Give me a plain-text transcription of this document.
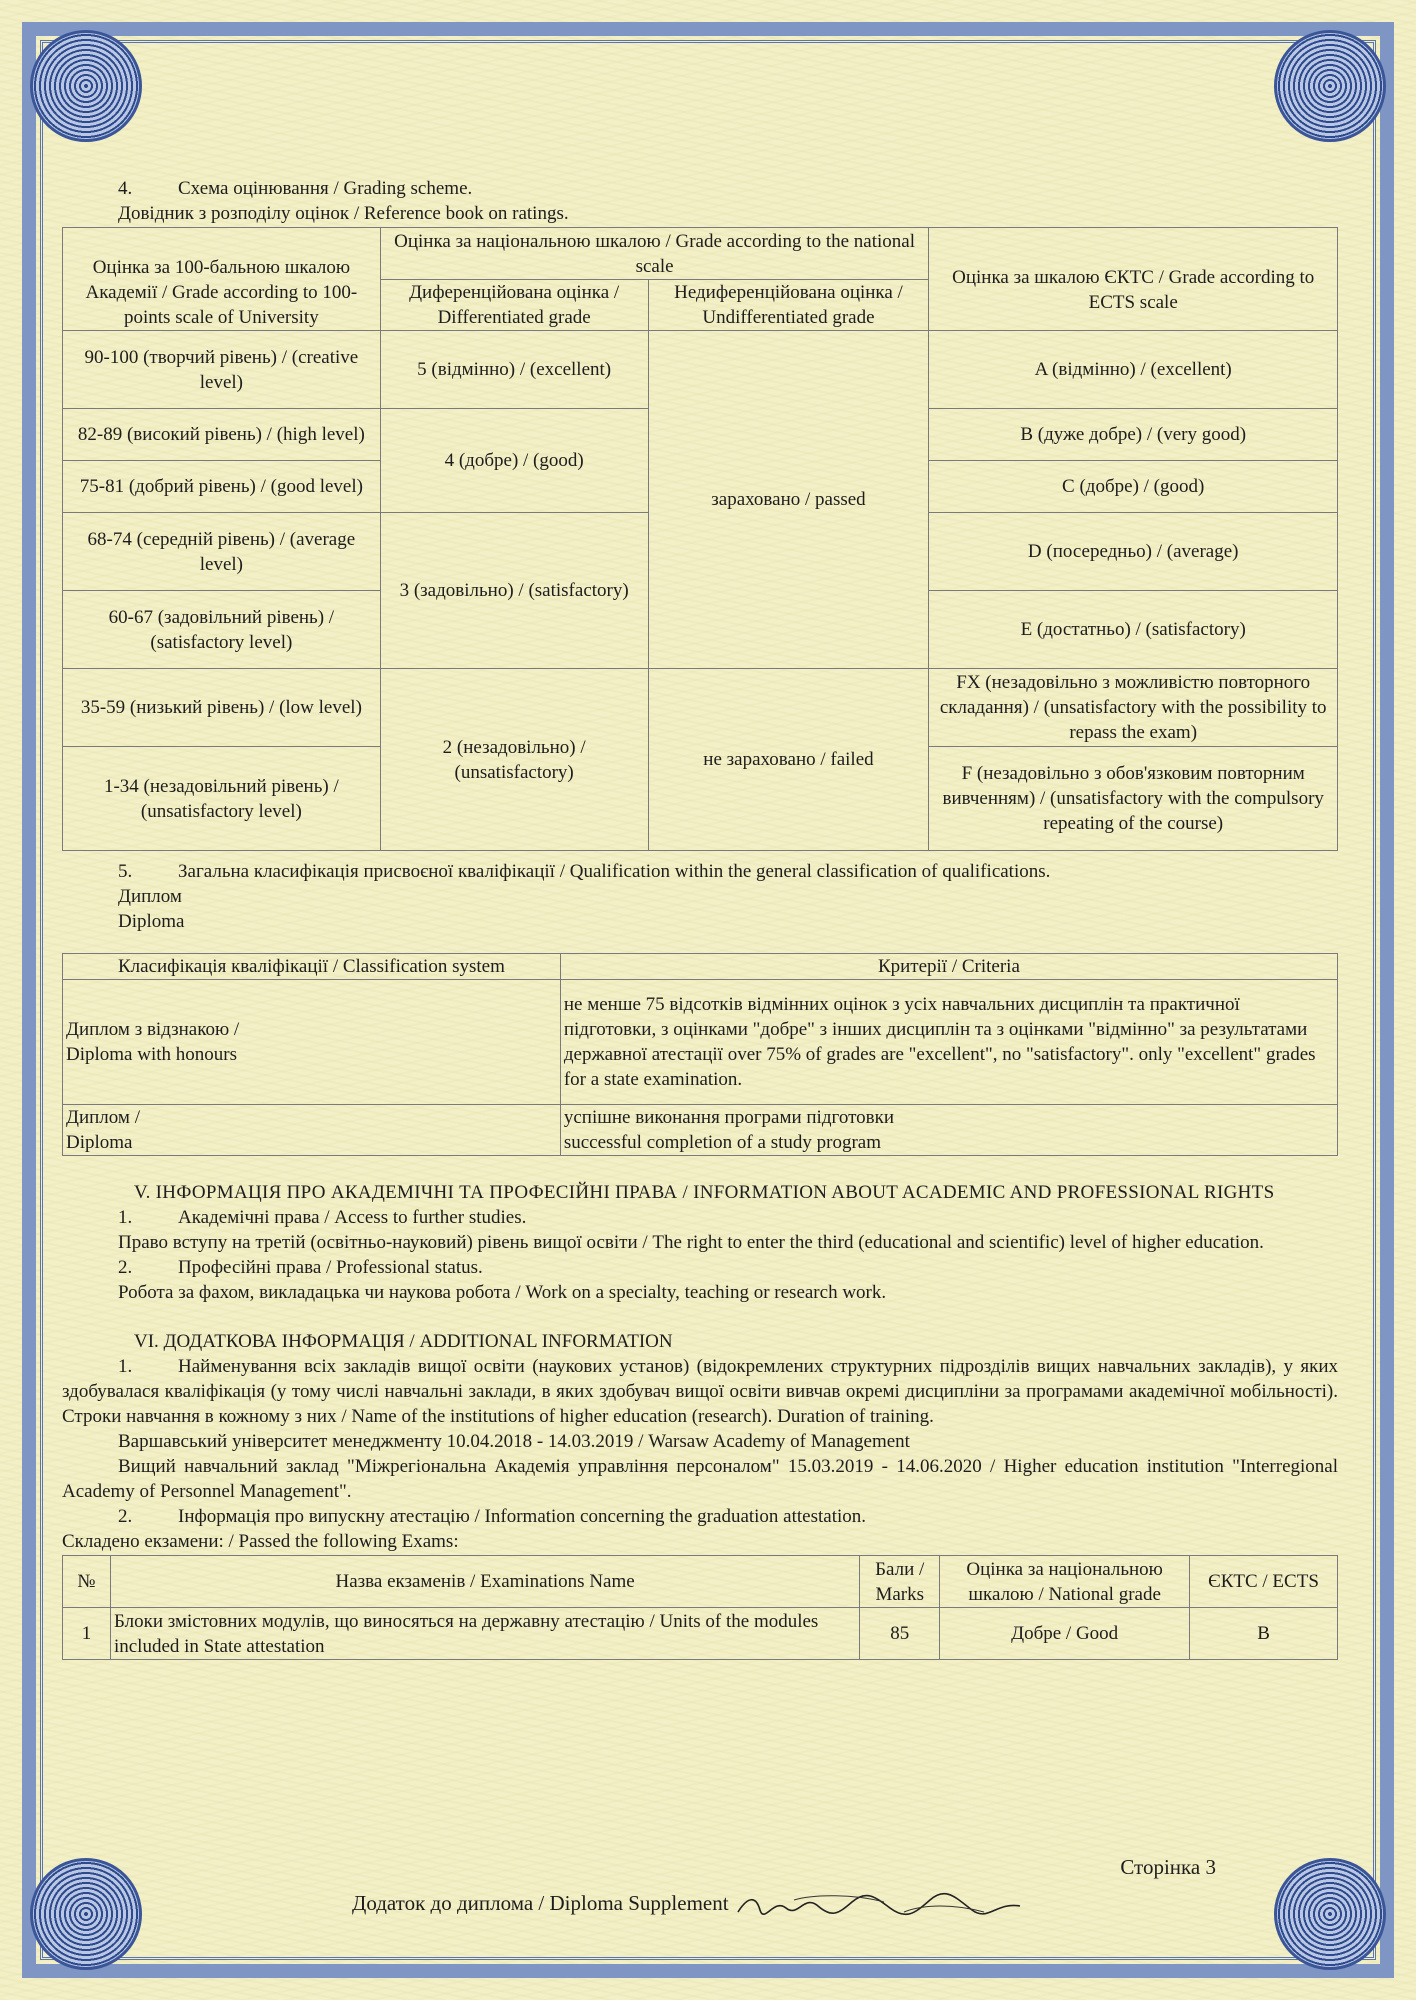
4. Схема оцінювання / Grading scheme.

Довідник з розподілу оцінок / Reference book on ratings.

Оцінка за 100-бальною шкалою Академії / Grade according to 100-points scale of University	Оцінка за національною шкалою / Grade according to the national scale		Оцінка за шкалою ЄКТС / Grade according to ECTS scale
	Диференційована оцінка / Differentiated grade	Недиференційована оцінка / Undifferentiated grade	
90-100 (творчий рівень) / (creative level)	5 (відмінно) / (excellent)	зараховано / passed	A (відмінно) / (excellent)
82-89 (високий рівень) / (high level)	4 (добре) / (good)		B (дуже добре) / (very good)
75-81 (добрий рівень) / (good level)			C (добре) / (good)
68-74 (середній рівень) / (average level)	3 (задовільно) / (satisfactory)		D (посередньо) / (average)
60-67 (задовільний рівень) / (satisfactory level)			E (достатньо) / (satisfactory)
35-59 (низький рівень) / (low level)	2 (незадовільно) / (unsatisfactory)	не зараховано / failed	FX (незадовільно з можливістю повторного складання) / (unsatisfactory with the possibility to repass the exam)
1-34 (незадовільний рівень) / (unsatisfactory level)			F (незадовільно з обов'язковим повторним вивченням) / (unsatisfactory with the compulsory repeating of the course)

5. Загальна класифікація присвоєної кваліфікації / Qualification within the general classification of qualifications.

Диплом

Diploma

Класифікація кваліфікації / Classification system	Критерії / Criteria
Диплом з відзнакою / Diploma with honours	не менше 75 відсотків відмінних оцінок з усіх навчальних дисциплін та практичної підготовки, з оцінками "добре" з інших дисциплін та з оцінками "відмінно" за результатами державної атестації over 75% of grades are "excellent", no "satisfactory". only "excellent" grades for a state examination.
Диплом / Diploma	успішне виконання програми підготовки successful completion of a study program

V. ІНФОРМАЦІЯ ПРО АКАДЕМІЧНІ ТА ПРОФЕСІЙНІ ПРАВА / INFORMATION ABOUT ACADEMIC AND PROFESSIONAL RIGHTS

1. Академічні права / Access to further studies.

Право вступу на третій (освітньо-науковий) рівень вищої освіти / The right to enter the third (educational and scientific) level of higher education.

2. Професійні права / Professional status.

Робота за фахом, викладацька чи наукова робота / Work on a specialty, teaching or research work.

VI. ДОДАТКОВА ІНФОРМАЦІЯ / ADDITIONAL INFORMATION

1. Найменування всіх закладів вищої освіти (наукових установ) (відокремлених структурних підрозділів вищих навчальних закладів), у яких здобувалася кваліфікація (у тому числі навчальні заклади, в яких здобувач вищої освіти вивчав окремі дисципліни за програмами академічної мобільності). Строки навчання в кожному з них / Name of the institutions of higher education (research). Duration of training.

Варшавський університет менеджменту 10.04.2018 - 14.03.2019 / Warsaw Academy of Management

Вищий навчальний заклад "Міжрегіональна Академія управління персоналом" 15.03.2019 - 14.06.2020 / Higher education institution "Interregional Academy of Personnel Management".

2. Інформація про випускну атестацію / Information concerning the graduation attestation.

Складено екзамени: / Passed the following Exams:

№	Назва екзаменів / Examinations Name	Бали / Marks	Оцінка за національною шкалою / National grade	ЄКТС / ECTS
1	Блоки змістовних модулів, що виносяться на державну атестацію / Units of the modules included in State attestation	85	Добре / Good	B
Сторінка 3
Додаток до диплома / Diploma Supplement
